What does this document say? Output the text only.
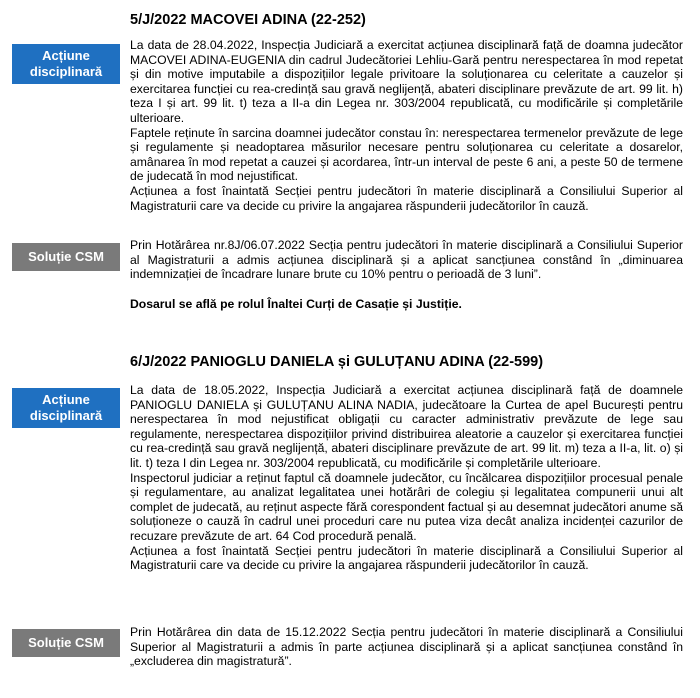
5/J/2022 MACOVEI ADINA (22-252)
Acțiune disciplinară

La data de 28.04.2022, Inspecția Judiciară a exercitat acțiunea disciplinară față de doamna judecător MACOVEI ADINA-EUGENIA din cadrul Judecătoriei Lehliu-Gară pentru nerespectarea în mod repetat și din motive imputabile a dispozițiilor legale privitoare la soluționarea cu celeritate a cauzelor și exercitarea funcției cu rea-credință sau gravă neglijență, abateri disciplinare prevăzute de art. 99 lit. h) teza I și art. 99 lit. t) teza a II-a din Legea nr. 303/2004 republicată, cu modificările și completările ulterioare.

Faptele reținute în sarcina doamnei judecător constau în: nerespectarea termenelor prevăzute de lege și regulamente și neadoptarea măsurilor necesare pentru soluționarea cu celeritate a dosarelor, amânarea în mod repetat a cauzei și acordarea, într-un interval de peste 6 ani, a peste 50 de termene de judecată în mod nejustificat.

Acțiunea a fost înaintată Secției pentru judecători în materie disciplinară a Consiliului Superior al Magistraturii care va decide cu privire la angajarea răspunderii judecătorilor în cauză.

Soluție CSM

Prin Hotărârea nr.8J/06.07.2022 Secția pentru judecători în materie disciplinară a Consiliului Superior al Magistraturii a admis acțiunea disciplinară și a aplicat sancțiunea constând în „diminuarea indemnizației de încadrare lunare brute cu 10% pentru o perioadă de 3 luni”.

Dosarul se află pe rolul Înaltei Curți de Casație și Justiție.
6/J/2022 PANIOGLU DANIELA și GULUȚANU ADINA (22-599)
Acțiune disciplinară

La data de 18.05.2022, Inspecția Judiciară a exercitat acțiunea disciplinară față de doamnele PANIOGLU DANIELA și GULUȚANU ALINA NADIA, judecătoare la Curtea de apel București pentru nerespectarea în mod nejustificat obligații cu caracter administrativ prevăzute de lege sau regulamente, nerespectarea dispozițiilor privind distribuirea aleatorie a cauzelor și exercitarea funcției cu rea-credință sau gravă neglijență, abateri disciplinare prevăzute de art. 99 lit. m) teza a II-a, lit. o) și lit. t) teza I din Legea nr. 303/2004 republicată, cu modificările și completările ulterioare.

Inspectorul judiciar a reținut faptul că doamnele judecător, cu încălcarea dispozițiilor procesual penale și regulamentare, au analizat legalitatea unei hotărâri de colegiu și legalitatea compunerii unui alt complet de judecată, au reținut aspecte fără corespondent factual și au desemnat judecători anume să soluționeze o cauză în cadrul unei proceduri care nu putea viza decât analiza incidenței cazurilor de recuzare prevăzute de art. 64 Cod procedură penală.

Acțiunea a fost înaintată Secției pentru judecători în materie disciplinară a Consiliului Superior al Magistraturii care va decide cu privire la angajarea răspunderii judecătorilor în cauză.

Soluție CSM

Prin Hotărârea din data de 15.12.2022 Secția pentru judecători în materie disciplinară a Consiliului Superior al Magistraturii a admis în parte acțiunea disciplinară și a aplicat sancțiunea constând în „excluderea din magistratură”.
